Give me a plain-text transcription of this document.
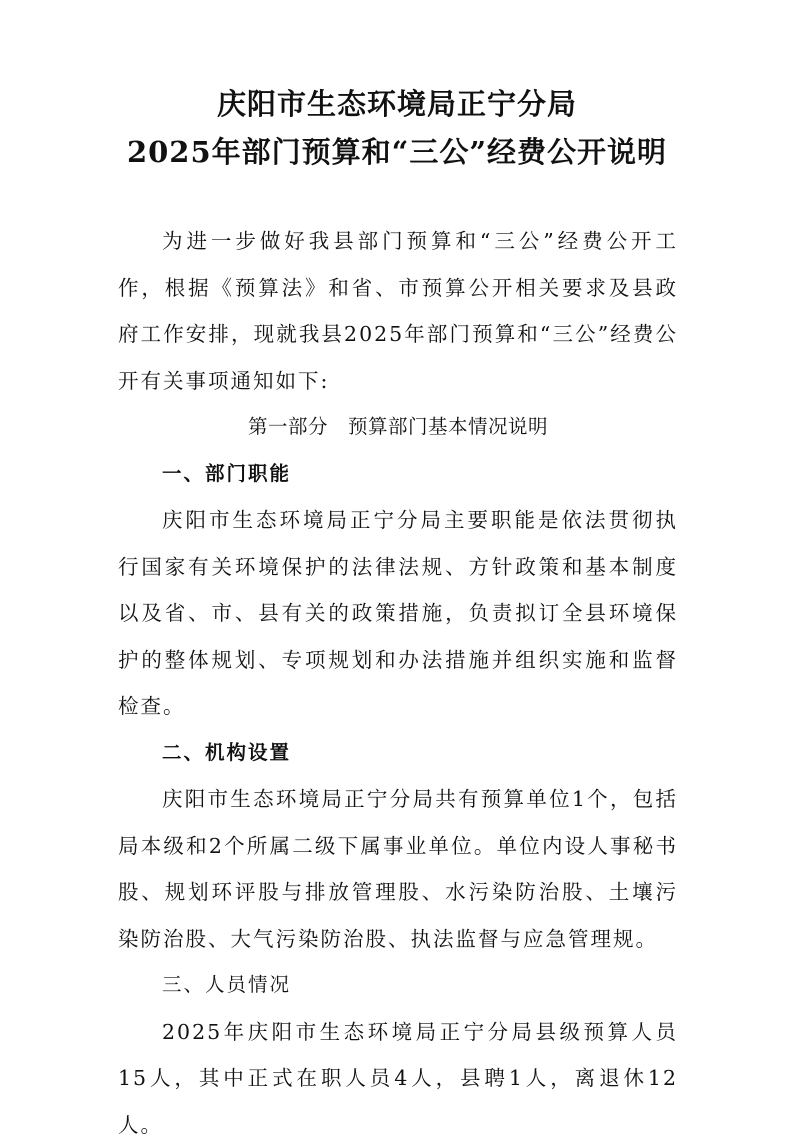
庆阳市生态环境局正宁分局
2025年部门预算和“三公”经费公开说明

为进一步做好我县部门预算和“三公”经费公开工作，根据《预算法》和省、市预算公开相关要求及县政府工作安排，现就我县2025年部门预算和“三公”经费公开有关事项通知如下:

第一部分　预算部门基本情况说明

一、部门职能

庆阳市生态环境局正宁分局主要职能是依法贯彻执行国家有关环境保护的法律法规、方针政策和基本制度以及省、市、县有关的政策措施，负责拟订全县环境保护的整体规划、专项规划和办法措施并组织实施和监督检查。

二、机构设置

庆阳市生态环境局正宁分局共有预算单位1个，包括局本级和2个所属二级下属事业单位。单位内设人事秘书股、规划环评股与排放管理股、水污染防治股、土壤污染防治股、大气污染防治股、执法监督与应急管理规。

三、人员情况

2025年庆阳市生态环境局正宁分局县级预算人员15人，其中正式在职人员4人，县聘1人，离退休12人。
